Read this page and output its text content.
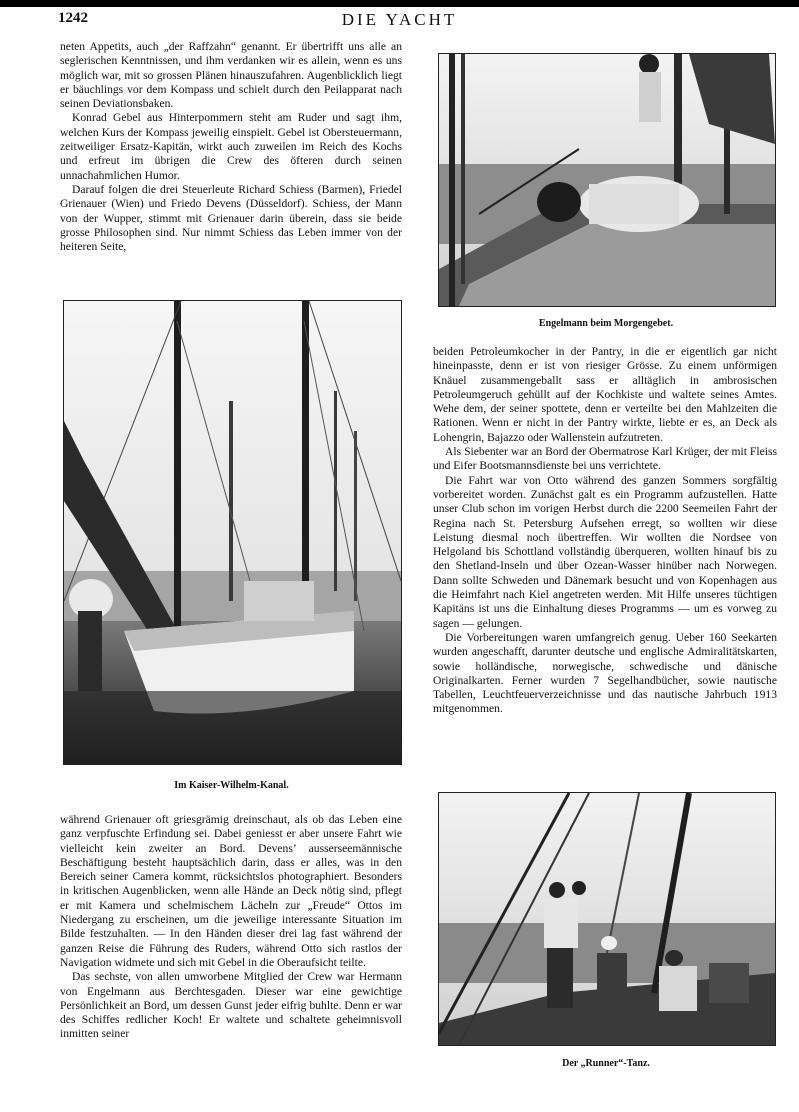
1242	DIE YACHT

neten Appetits, auch „der Raffzahn“ genannt. Er übertrifft uns alle an seglerischen Kenntnissen, und ihm verdanken wir es allein, wenn es uns möglich war, mit so grossen Plänen hinauszufahren. Augenblicklich liegt er bäuchlings vor dem Kompass und schielt durch den Peilapparat nach seinen Deviationsbaken.

Konrad Gebel aus Hinterpommern steht am Ruder und sagt ihm, welchen Kurs der Kompass jeweilig einspielt. Gebel ist Obersteuermann, zeitweiliger Ersatz-Kapitän, wirkt auch zuweilen im Reich des Kochs und erfreut im übrigen die Crew des öfteren durch seinen unnachahmlichen Humor.

Darauf folgen die drei Steuerleute Richard Schiess (Barmen), Friedel Grienauer (Wien) und Friedo Devens (Düsseldorf). Schiess, der Mann von der Wupper, stimmt mit Grienauer darin überein, dass sie beide grosse Philosophen sind. Nur nimmt Schiess das Leben immer von der heiteren Seite,

Engelmann beim Morgengebet.
Im Kaiser-Wilhelm-Kanal.

beiden Petroleumkocher in der Pantry, in die er eigentlich gar nicht hineinpasste, denn er ist von riesiger Grösse. Zu einem unförmigen Knäuel zusammengeballt sass er alltäglich in ambrosischen Petroleumgeruch gehüllt auf der Kochkiste und waltete seines Amtes. Wehe dem, der seiner spottete, denn er verteilte bei den Mahlzeiten die Rationen. Wenn er nicht in der Pantry wirkte, liebte er es, an Deck als Lohengrin, Bajazzo oder Wallenstein aufzutreten.

Als Siebenter war an Bord der Obermatrose Karl Krüger, der mit Fleiss und Eifer Bootsmannsdienste bei uns verrichtete.

Die Fahrt war von Otto während des ganzen Sommers sorgfältig vorbereitet worden. Zunächst galt es ein Programm aufzustellen. Hatte unser Club schon im vorigen Herbst durch die 2200 Seemeilen Fahrt der Regina nach St. Petersburg Aufsehen erregt, so wollten wir diese Leistung diesmal noch übertreffen. Wir wollten die Nordsee von Helgoland bis Schottland vollständig überqueren, wollten hinauf bis zu den Shetland-Inseln und über Ozean-Wasser hinüber nach Norwegen. Dann sollte Schweden und Dänemark besucht und von Kopenhagen aus die Heimfahrt nach Kiel angetreten werden. Mit Hilfe unseres tüchtigen Kapitäns ist uns die Einhaltung dieses Programms — um es vorweg zu sagen — gelungen.

Die Vorbereitungen waren umfangreich genug. Ueber 160 Seekarten wurden angeschafft, darunter deutsche und englische Admiralitätskarten, sowie holländische, norwegische, schwedische und dänische Originalkarten. Ferner wurden 7 Segelhandbücher, sowie nautische Tabellen, Leuchtfeuerverzeichnisse und das nautische Jahrbuch 1913 mitgenommen.

während Grienauer oft griesgrämig dreinschaut, als ob das Leben eine ganz verpfuschte Erfindung sei. Dabei geniesst er aber unsere Fahrt wie vielleicht kein zweiter an Bord. Devens’ ausserseemännische Beschäftigung besteht hauptsächlich darin, dass er alles, was in den Bereich seiner Camera kommt, rücksichtslos photographiert. Besonders in kritischen Augenblicken, wenn alle Hände an Deck nötig sind, pflegt er mit Kamera und schelmischem Lächeln zur „Freude“ Ottos im Niedergang zu erscheinen, um die jeweilige interessante Situation im Bilde festzuhalten. — In den Händen dieser drei lag fast während der ganzen Reise die Führung des Ruders, während Otto sich rastlos der Navigation widmete und sich mit Gebel in die Oberaufsicht teilte.

Das sechste, von allen umworbene Mitglied der Crew war Hermann von Engelmann aus Berchtesgaden. Dieser war eine gewichtige Persönlichkeit an Bord, um dessen Gunst jeder eifrig buhlte. Denn er war des Schiffes redlicher Koch! Er waltete und schaltete geheimnisvoll inmitten seiner

Der „Runner“-Tanz.
